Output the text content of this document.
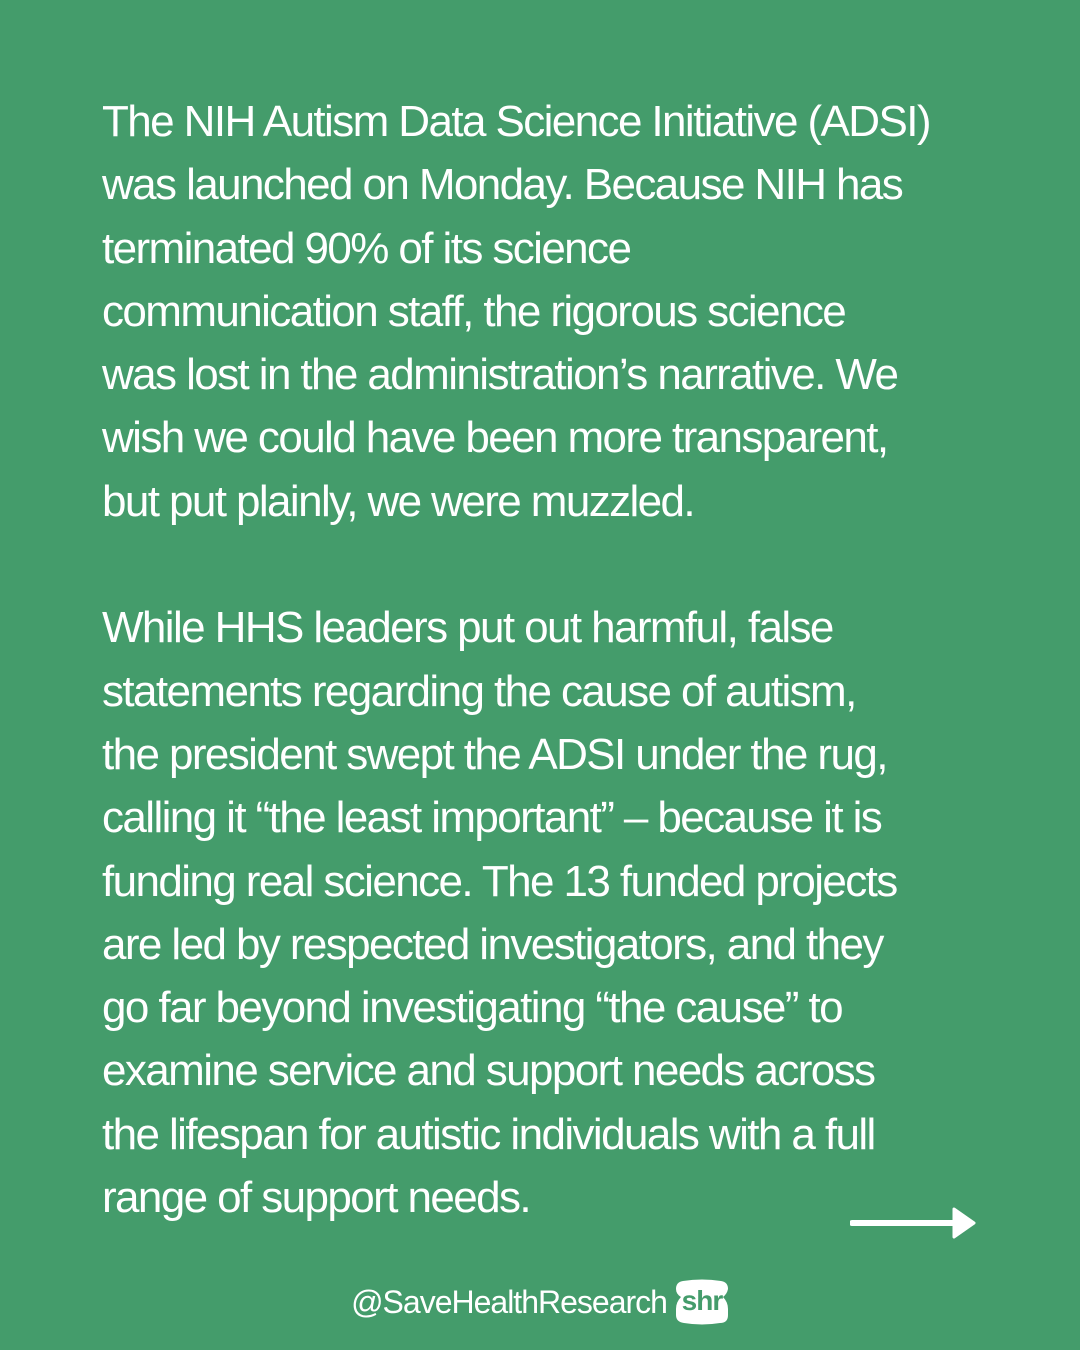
The NIH Autism Data Science Initiative (ADSI)
was launched on Monday. Because NIH has
terminated 90% of its science
communication staff, the rigorous science
was lost in the administration’s narrative. We
wish we could have been more transparent,
but put plainly, we were muzzled.

While HHS leaders put out harmful, false
statements regarding the cause of autism,
the president swept the ADSI under the rug,
calling it “the least important” – because it is
funding real science. The 13 funded projects
are led by respected investigators, and they
go far beyond investigating “the cause” to
examine service and support needs across
the lifespan for autistic individuals with a full
range of support needs.

@SaveHealthResearch shr
